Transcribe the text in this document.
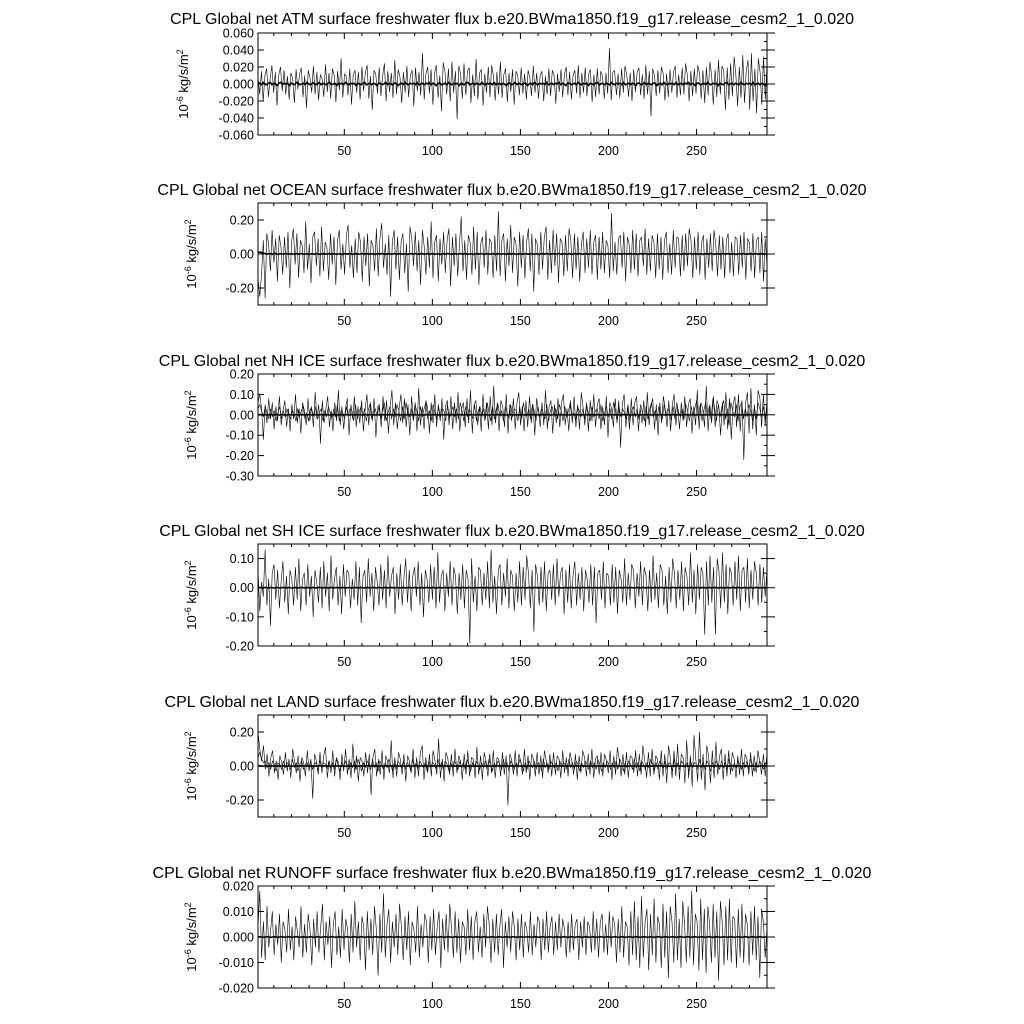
CPL Global net ATM surface freshwater flux b.e20.BWma1850.f19_g17.release_cesm2_1_0.020
50	100	150	200	250
-0.060
-0.040
-0.020
0.000
0.020
0.040
0.060
$10^{-6}$ $kg/s/m^2$
CPL Global net OCEAN surface freshwater flux b.e20.BWma1850.f19_g17.release_cesm2_1_0.020
50	100	150	200	250
-0.20
0.00
0.20
$10^{-6}$ $kg/s/m^2$
CPL Global net NH ICE surface freshwater flux b.e20.BWma1850.f19_g17.release_cesm2_1_0.020
50	100	150	200	250
-0.30
-0.20
-0.10
0.00
0.10
0.20
$10^{-6}$ $kg/s/m^2$
CPL Global net SH ICE surface freshwater flux b.e20.BWma1850.f19_g17.release_cesm2_1_0.020
50	100	150	200	250
-0.20
-0.10
0.00
0.10
$10^{-6}$ $kg/s/m^2$
CPL Global net LAND surface freshwater flux b.e20.BWma1850.f19_g17.release_cesm2_1_0.020
50	100	150	200	250
-0.20
0.00
0.20
$10^{-6}$ $kg/s/m^2$
CPL Global net RUNOFF surface freshwater flux b.e20.BWma1850.f19_g17.release_cesm2_1_0.020
50	100	150	200	250
-0.020
-0.010
0.000
0.010
0.020
$10^{-6}$ $kg/s/m^2$
